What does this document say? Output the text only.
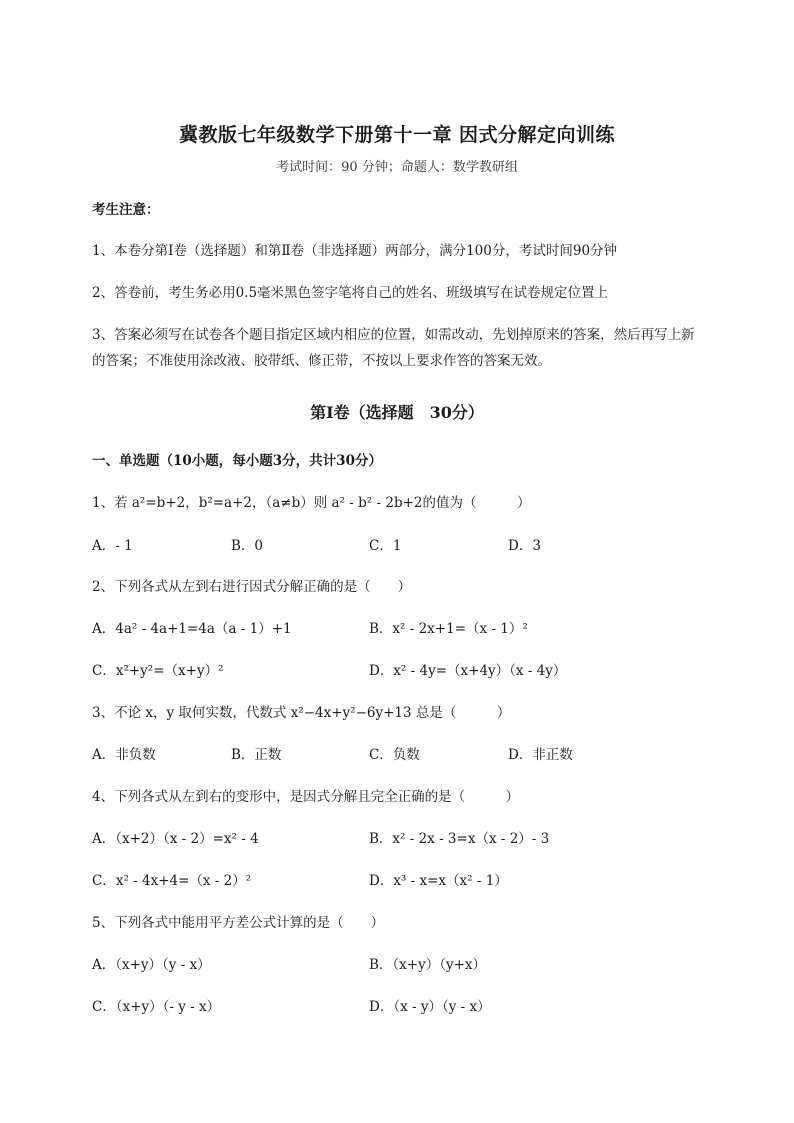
冀教版七年级数学下册第十一章 因式分解定向训练
考试时间：90 分钟；命题人：数学教研组
考生注意：
1、本卷分第Ⅰ卷（选择题）和第Ⅱ卷（非选择题）两部分，满分100分，考试时间90分钟
2、答卷前，考生务必用0.5毫米黑色签字笔将自己的姓名、班级填写在试卷规定位置上
3、答案必须写在试卷各个题目指定区域内相应的位置，如需改动，先划掉原来的答案，然后再写上新
的答案；不准使用涂改液、胶带纸、修正带，不按以上要求作答的答案无效。
第Ⅰ卷（选择题　30分）
一、单选题（10小题，每小题3分，共计30分）
1、若 a²=b+2，b²=a+2，（a≠b）则 a² - b² - 2b+2的值为（　　　）
A．- 1	B．0	C．1	D．3
2、下列各式从左到右进行因式分解正确的是（　　）
A．4a² - 4a+1=4a（a - 1）+1	B．x² - 2x+1=（x - 1）²
C．x²+y²=（x+y）²	D．x² - 4y=（x+4y）（x - 4y）
3、不论 x，y 取何实数，代数式 x²−4x+y²−6y+13 总是（　　　）
A．非负数	B．正数	C．负数	D．非正数
4、下列各式从左到右的变形中，是因式分解且完全正确的是（　　　）
A．（x+2）（x - 2）=x² - 4	B．x² - 2x - 3=x（x - 2）- 3
C．x² - 4x+4=（x - 2）²	D．x³ - x=x（x² - 1）
5、下列各式中能用平方差公式计算的是（　　）
A．（x+y）（y - x）	B．（x+y）（y+x）
C．（x+y）（- y - x）	D．（x - y）（y - x）
